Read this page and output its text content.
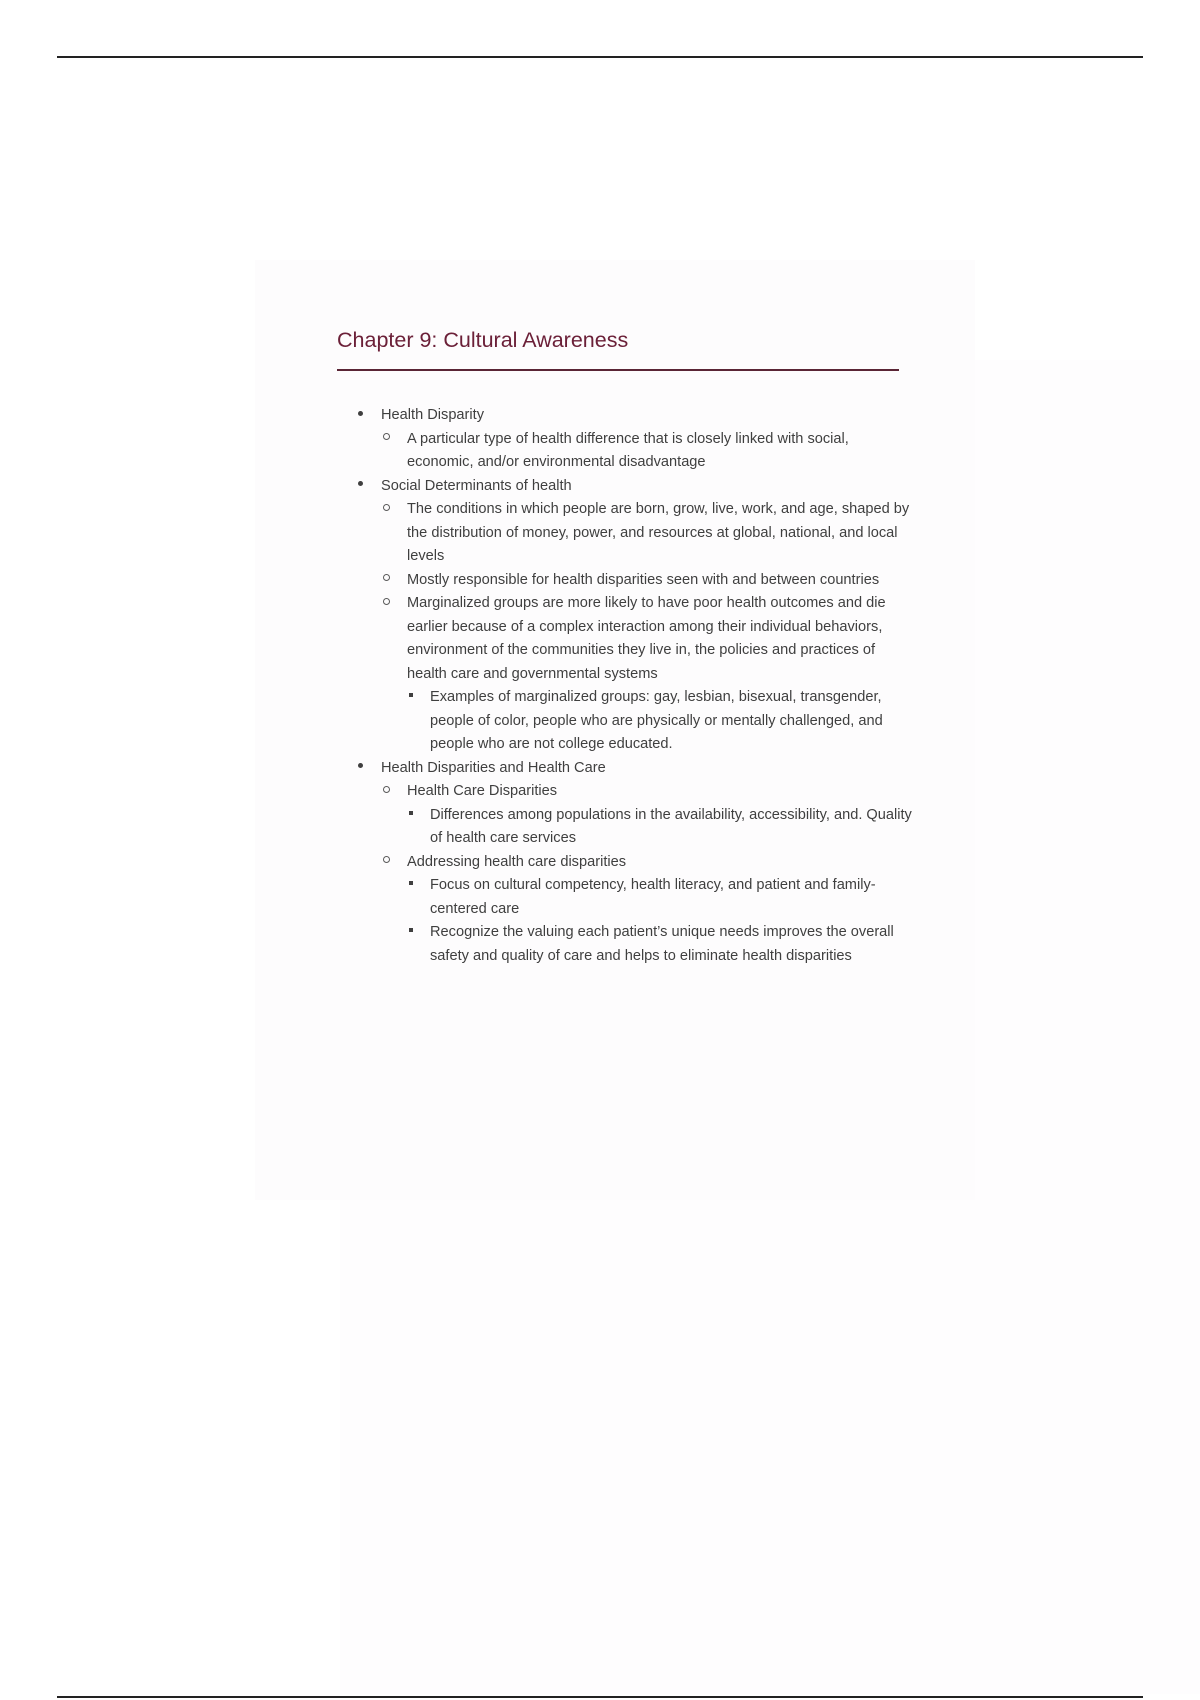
Chapter 9: Cultural Awareness
Health Disparity
A particular type of health difference that is closely linked with social, economic, and/or environmental disadvantage
Social Determinants of health
The conditions in which people are born, grow, live, work, and age, shaped by the distribution of money, power, and resources at global, national, and local levels
Mostly responsible for health disparities seen with and between countries
Marginalized groups are more likely to have poor health outcomes and die earlier because of a complex interaction among their individual behaviors, environment of the communities they live in, the policies and practices of health care and governmental systems
Examples of marginalized groups: gay, lesbian, bisexual, transgender, people of color, people who are physically or mentally challenged, and people who are not college educated.
Health Disparities and Health Care
Health Care Disparities
Differences among populations in the availability, accessibility, and. Quality of health care services
Addressing health care disparities
Focus on cultural competency, health literacy, and patient and family-centered care
Recognize the valuing each patient’s unique needs improves the overall safety and quality of care and helps to eliminate health disparities
